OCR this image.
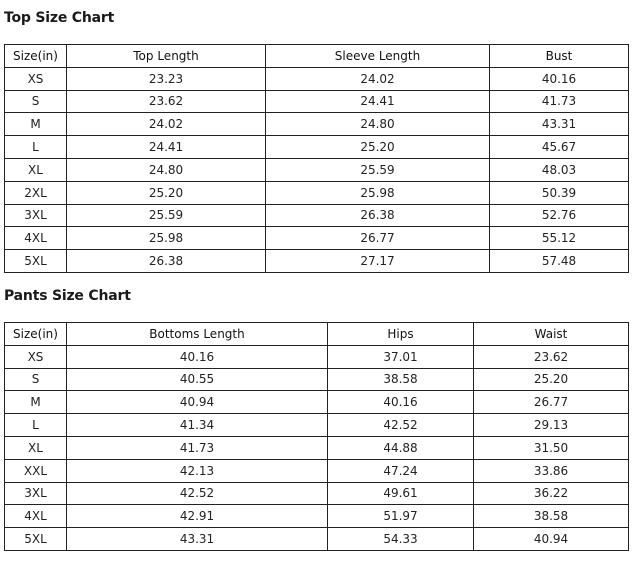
Top Size Chart
Size(in)	Top Length	Sleeve Length	Bust
XS	23.23	24.02	40.16
S	23.62	24.41	41.73
M	24.02	24.80	43.31
L	24.41	25.20	45.67
XL	24.80	25.59	48.03
2XL	25.20	25.98	50.39
3XL	25.59	26.38	52.76
4XL	25.98	26.77	55.12
5XL	26.38	27.17	57.48
Pants Size Chart
Size(in)	Bottoms Length	Hips	Waist
XS	40.16	37.01	23.62
S	40.55	38.58	25.20
M	40.94	40.16	26.77
L	41.34	42.52	29.13
XL	41.73	44.88	31.50
XXL	42.13	47.24	33.86
3XL	42.52	49.61	36.22
4XL	42.91	51.97	38.58
5XL	43.31	54.33	40.94
